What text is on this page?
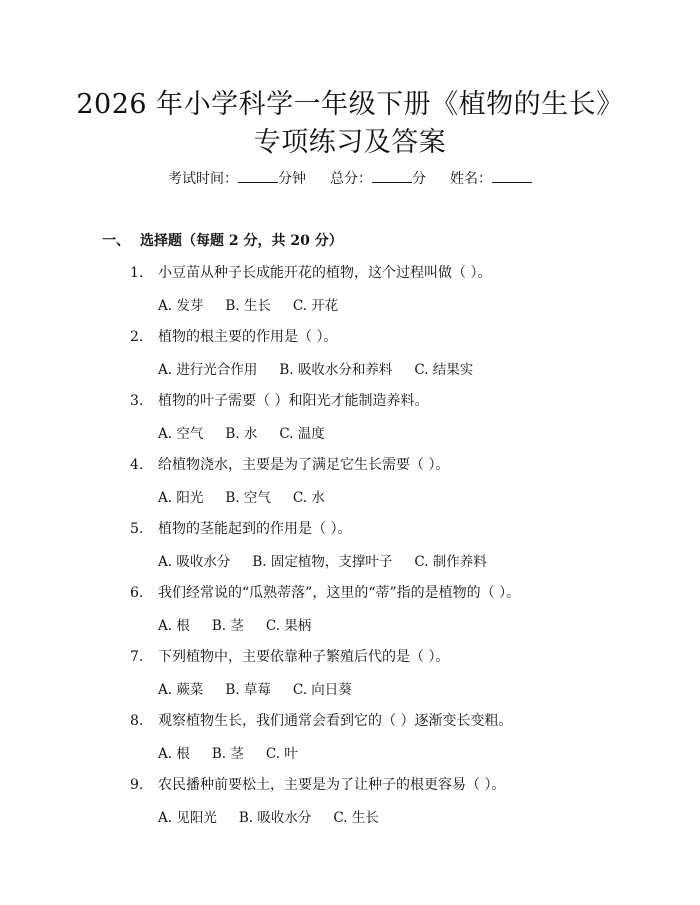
2026 年小学科学一年级下册《植物的生长》
专项练习及答案
考试时间：	分钟 总分：	分 姓名：
一、 选择题（每题 2 分，共 20 分）
1. 小豆苗从种子长成能开花的植物，这个过程叫做（ ）。
A. 发芽 B. 生长 C. 开花
2. 植物的根主要的作用是（ ）。
A. 进行光合作用 B. 吸收水分和养料 C. 结果实
3. 植物的叶子需要（ ）和阳光才能制造养料。
A. 空气 B. 水 C. 温度
4. 给植物浇水，主要是为了满足它生长需要（ ）。
A. 阳光 B. 空气 C. 水
5. 植物的茎能起到的作用是（ ）。
A. 吸收水分 B. 固定植物，支撑叶子 C. 制作养料
6. 我们经常说的“瓜熟蒂落”，这里的“蒂”指的是植物的（ ）。
A. 根 B. 茎 C. 果柄
7. 下列植物中，主要依靠种子繁殖后代的是（ ）。
A. 蕨菜 B. 草莓 C. 向日葵
8. 观察植物生长，我们通常会看到它的（ ）逐渐变长变粗。
A. 根 B. 茎 C. 叶
9. 农民播种前要松土，主要是为了让种子的根更容易（ ）。
A. 见阳光 B. 吸收水分 C. 生长
